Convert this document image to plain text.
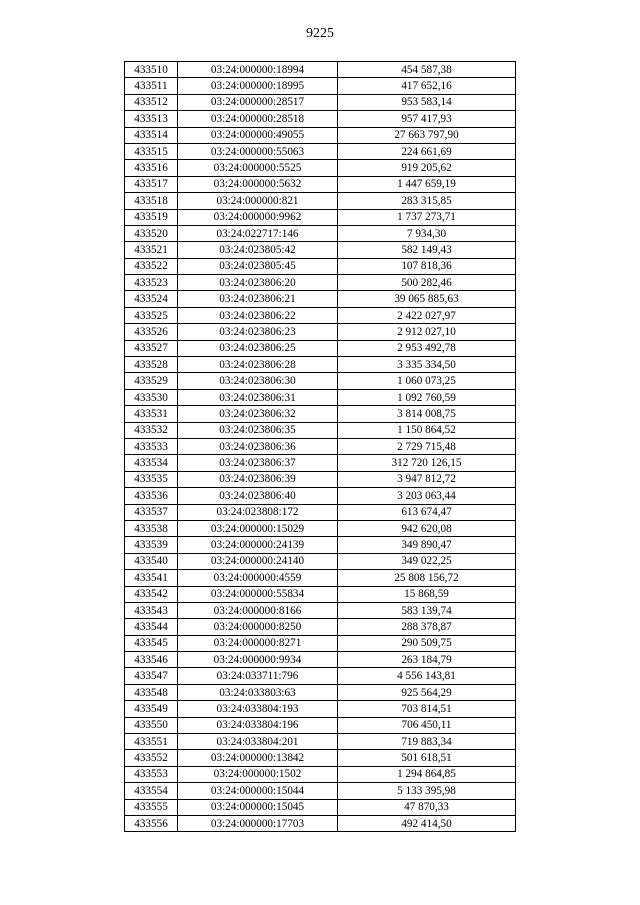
9225
433510	03:24:000000:18994	454 587,38
433511	03:24:000000:18995	417 652,16
433512	03:24:000000:28517	953 583,14
433513	03:24:000000:28518	957 417,93
433514	03:24:000000:49055	27 663 797,90
433515	03:24:000000:55063	224 661,69
433516	03:24:000000:5525	919 205,62
433517	03:24:000000:5632	1 447 659,19
433518	03:24:000000:821	283 315,85
433519	03:24:000000:9962	1 737 273,71
433520	03:24:022717:146	7 934,30
433521	03:24:023805:42	582 149,43
433522	03:24:023805:45	107 818,36
433523	03:24:023806:20	500 282,46
433524	03:24:023806:21	39 065 885,63
433525	03:24:023806:22	2 422 027,97
433526	03:24:023806:23	2 912 027,10
433527	03:24:023806:25	2 953 492,78
433528	03:24:023806:28	3 335 334,50
433529	03:24:023806:30	1 060 073,25
433530	03:24:023806:31	1 092 760,59
433531	03:24:023806:32	3 814 008,75
433532	03:24:023806:35	1 150 864,52
433533	03:24:023806:36	2 729 715,48
433534	03:24:023806:37	312 720 126,15
433535	03:24:023806:39	3 947 812,72
433536	03:24:023806:40	3 203 063,44
433537	03:24:023808:172	613 674,47
433538	03:24:000000:15029	942 620,08
433539	03:24:000000:24139	349 890,47
433540	03:24:000000:24140	349 022,25
433541	03:24:000000:4559	25 808 156,72
433542	03:24:000000:55834	15 868,59
433543	03:24:000000:8166	583 139,74
433544	03:24:000000:8250	288 378,87
433545	03:24:000000:8271	290 509,75
433546	03:24:000000:9934	263 184,79
433547	03:24:033711:796	4 556 143,81
433548	03:24:033803:63	925 564,29
433549	03:24:033804:193	703 814,51
433550	03:24:033804:196	706 450,11
433551	03:24:033804:201	719 883,34
433552	03:24:000000:13842	501 618,51
433553	03:24:000000:1502	1 294 864,85
433554	03:24:000000:15044	5 133 395,98
433555	03:24:000000:15045	47 870,33
433556	03:24:000000:17703	492 414,50
